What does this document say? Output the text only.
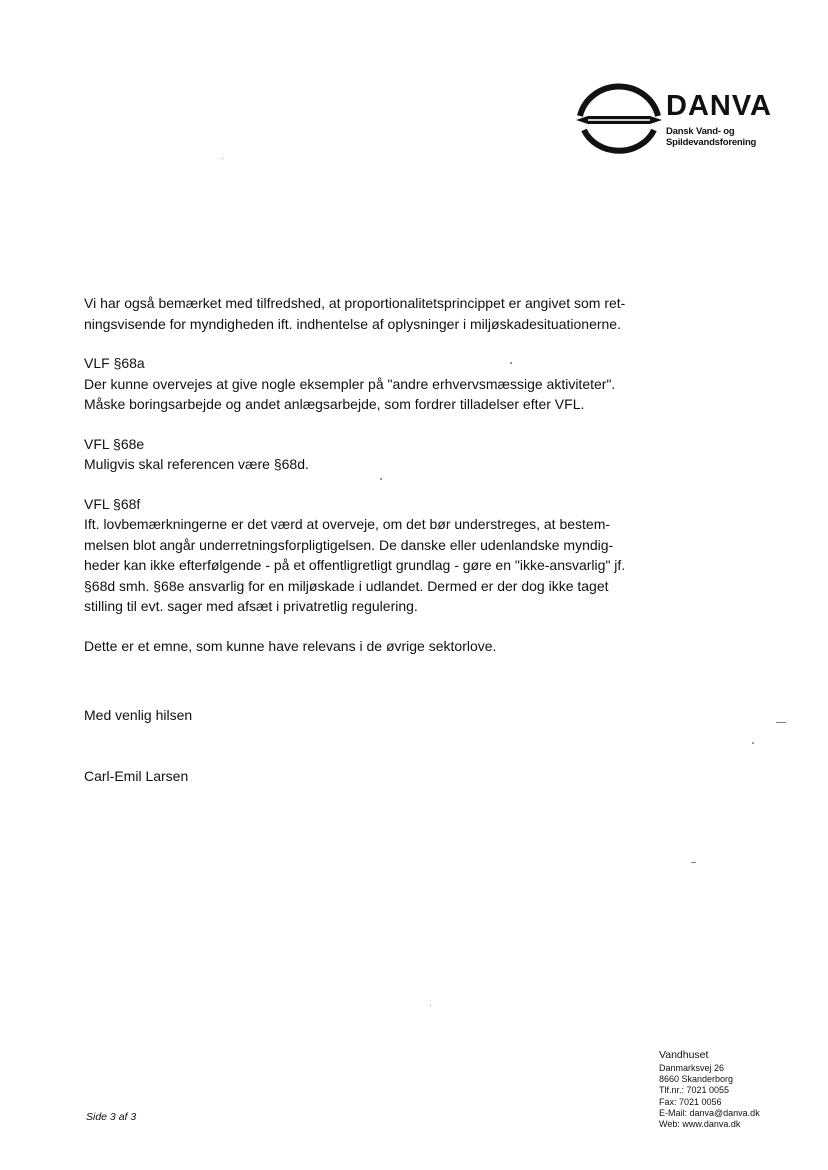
DANVA
Dansk Vand- og
Spildevandsforening

Vi har også bemærket med tilfredshed, at proportionalitetsprincippet er angivet som ret-
ningsvisende for myndigheden ift. indhentelse af oplysninger i miljøskadesituationerne.

VLF §68a
Der kunne overvejes at give nogle eksempler på "andre erhvervsmæssige aktiviteter".
Måske boringsarbejde og andet anlægsarbejde, som fordrer tilladelser efter VFL.

VFL §68e
Muligvis skal referencen være §68d.

VFL §68f
Ift. lovbemærkningerne er det værd at overveje, om det bør understreges, at bestem-
melsen blot angår underretningsforpligtigelsen. De danske eller udenlandske myndig-
heder kan ikke efterfølgende - på et offentligretligt grundlag - gøre en "ikke-ansvarlig" jf.
§68d smh. §68e ansvarlig for en miljøskade i udlandet. Dermed er der dog ikke taget
stilling til evt. sager med afsæt i privatretlig regulering.

Dette er et emne, som kunne have relevans i de øvrige sektorlove.

Med venlig hilsen
Carl-Emil Larsen
Side 3 af 3
Vandhuset
Danmarksvej 26
8660 Skanderborg
Tlf.nr.: 7021 0055
Fax: 7021 0056
E-Mail: danva@danva.dk
Web: www.danva.dk
